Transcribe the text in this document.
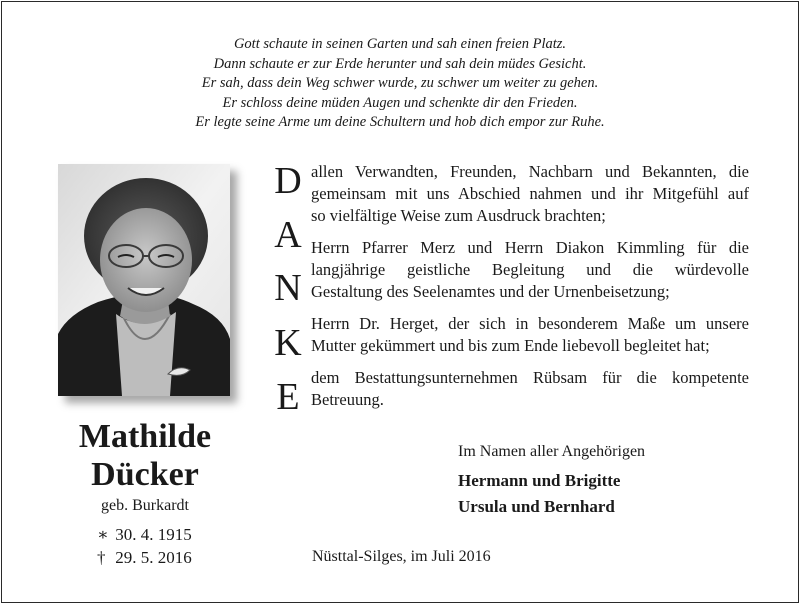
Gott schaute in seinen Garten und sah einen freien Platz.
Dann schaute er zur Erde herunter und sah dein müdes Gesicht.
Er sah, dass dein Weg schwer wurde, zu schwer um weiter zu gehen.
Er schloss deine müden Augen und schenkte dir den Frieden.
Er legte seine Arme um deine Schultern und hob dich empor zur Ruhe.
Mathilde
Dücker
geb. Burkardt
∗ 30. 4. 1915
† 29. 5. 2016
D
A
N
K
E
allen Verwandten, Freunden, Nachbarn und Bekannten, die
gemeinsam mit uns Abschied nahmen und ihr Mitgefühl auf
so vielfältige Weise zum Ausdruck brachten;
Herrn Pfarrer Merz und Herrn Diakon Kimmling für die
langjährige geistliche Begleitung und die würdevolle
Gestaltung des Seelenamtes und der Urnenbeisetzung;
Herrn Dr. Herget, der sich in besonderem Maße um unsere
Mutter gekümmert und bis zum Ende liebevoll begleitet hat;
dem Bestattungsunternehmen Rübsam für die kompetente
Betreuung.
Im Namen aller Angehörigen
Hermann und Brigitte
Ursula und Bernhard
Nüsttal-Silges, im Juli 2016
